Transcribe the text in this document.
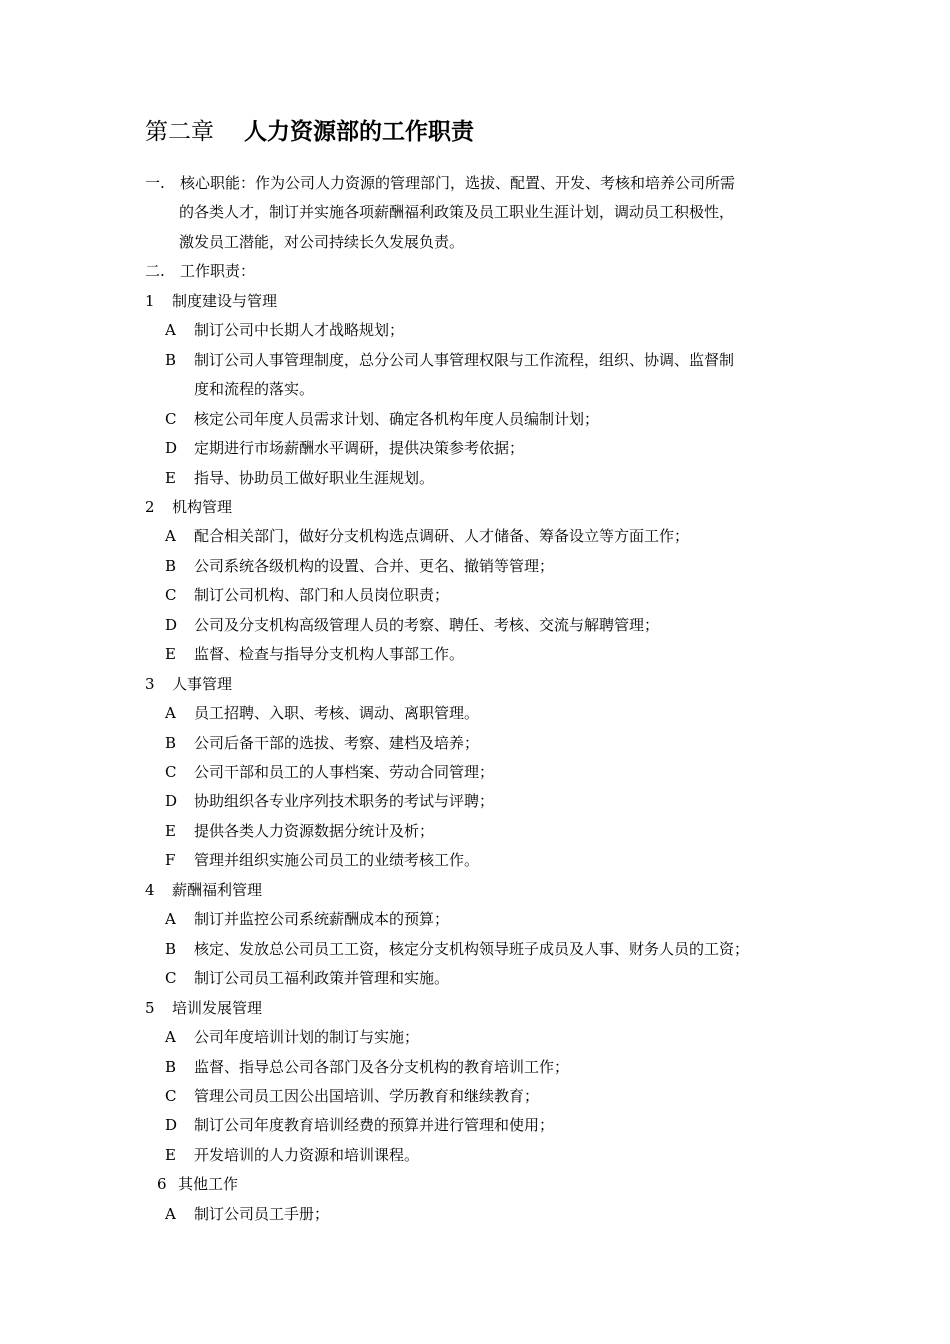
第二章 人力资源部的工作职责
一. 核心职能：作为公司人力资源的管理部门，选拔、配置、开发、考核和培养公司所需
的各类人才，制订并实施各项薪酬福利政策及员工职业生涯计划，调动员工积极性，
激发员工潜能，对公司持续长久发展负责。
二. 工作职责：
1 制度建设与管理
A 制订公司中长期人才战略规划；
B 制订公司人事管理制度，总分公司人事管理权限与工作流程，组织、协调、监督制
度和流程的落实。
C 核定公司年度人员需求计划、确定各机构年度人员编制计划；
D 定期进行市场薪酬水平调研，提供决策参考依据；
E 指导、协助员工做好职业生涯规划。
2 机构管理
A 配合相关部门，做好分支机构选点调研、人才储备、筹备设立等方面工作；
B 公司系统各级机构的设置、合并、更名、撤销等管理；
C 制订公司机构、部门和人员岗位职责；
D 公司及分支机构高级管理人员的考察、聘任、考核、交流与解聘管理；
E 监督、检查与指导分支机构人事部工作。
3 人事管理
A 员工招聘、入职、考核、调动、离职管理。
B 公司后备干部的选拔、考察、建档及培养；
C 公司干部和员工的人事档案、劳动合同管理；
D 协助组织各专业序列技术职务的考试与评聘；
E 提供各类人力资源数据分统计及析；
F 管理并组织实施公司员工的业绩考核工作。
4 薪酬福利管理
A 制订并监控公司系统薪酬成本的预算；
B 核定、发放总公司员工工资，核定分支机构领导班子成员及人事、财务人员的工资；
C 制订公司员工福利政策并管理和实施。
5 培训发展管理
A 公司年度培训计划的制订与实施；
B 监督、指导总公司各部门及各分支机构的教育培训工作；
C 管理公司员工因公出国培训、学历教育和继续教育；
D 制订公司年度教育培训经费的预算并进行管理和使用；
E 开发培训的人力资源和培训课程。
6 其他工作
A 制订公司员工手册；
